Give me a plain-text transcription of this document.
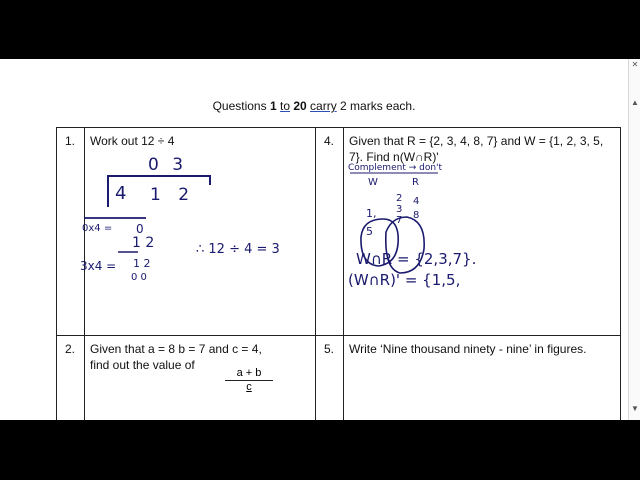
Questions 1 to 20 carry 2 marks each.
1.	Work out 12 ÷ 4	4.	Given that R = {2, 3, 4, 8, 7} and W = {1, 2, 3, 5, 7}. Find n(W∩R)'

2.	Given that a = 8 b = 7 and c = 4,
find out the value of	5.	Write ‘Nine thousand ninety - nine’ in figures.
a + b
c
0 3
4 1 2
0x4 = 0
1 2
3x4 = 1 2
0 0
∴ 12 ÷ 4 = 3
Complement → don't
W	R
1, 5
2 3 7
4 8
W∩R = {2,3,7}.
(W∩R)' = {1,5,
✕
▲
▼
